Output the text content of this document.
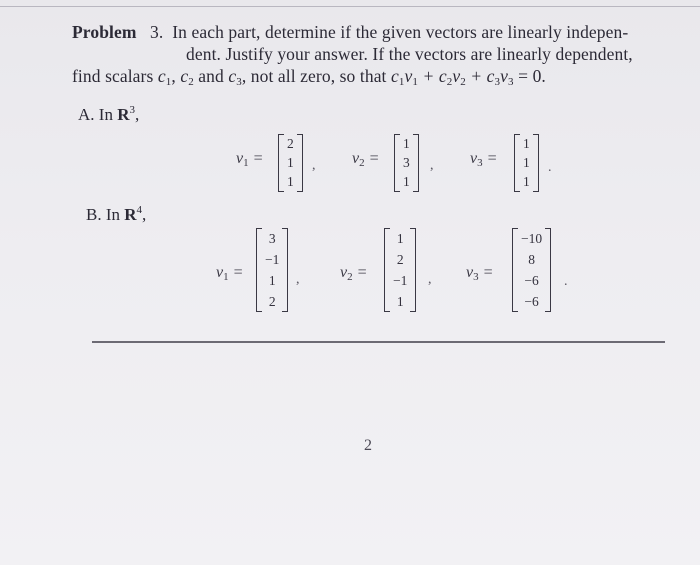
Problem 3. In each part, determine if the given vectors are linearly indepen-
dent. Justify your answer. If the vectors are linearly dependent,
find scalars $c_1$, $c_2$ and $c_3$, not all zero, so that $c_1v_1 + c_2v_2 + c_3v_3 = 0$.
A. In $R^3$,
$v_1$ =
2
1
1
, $v_2$ =
1
3
1
, $v_3$ =
1
1
1
.
B. In $R^4$,
$v_1$ =
3
−1
1
2
,	$v_2$ =
1
2
−1
1
, $v_3$ =
−10
8
−6
−6
.
2
